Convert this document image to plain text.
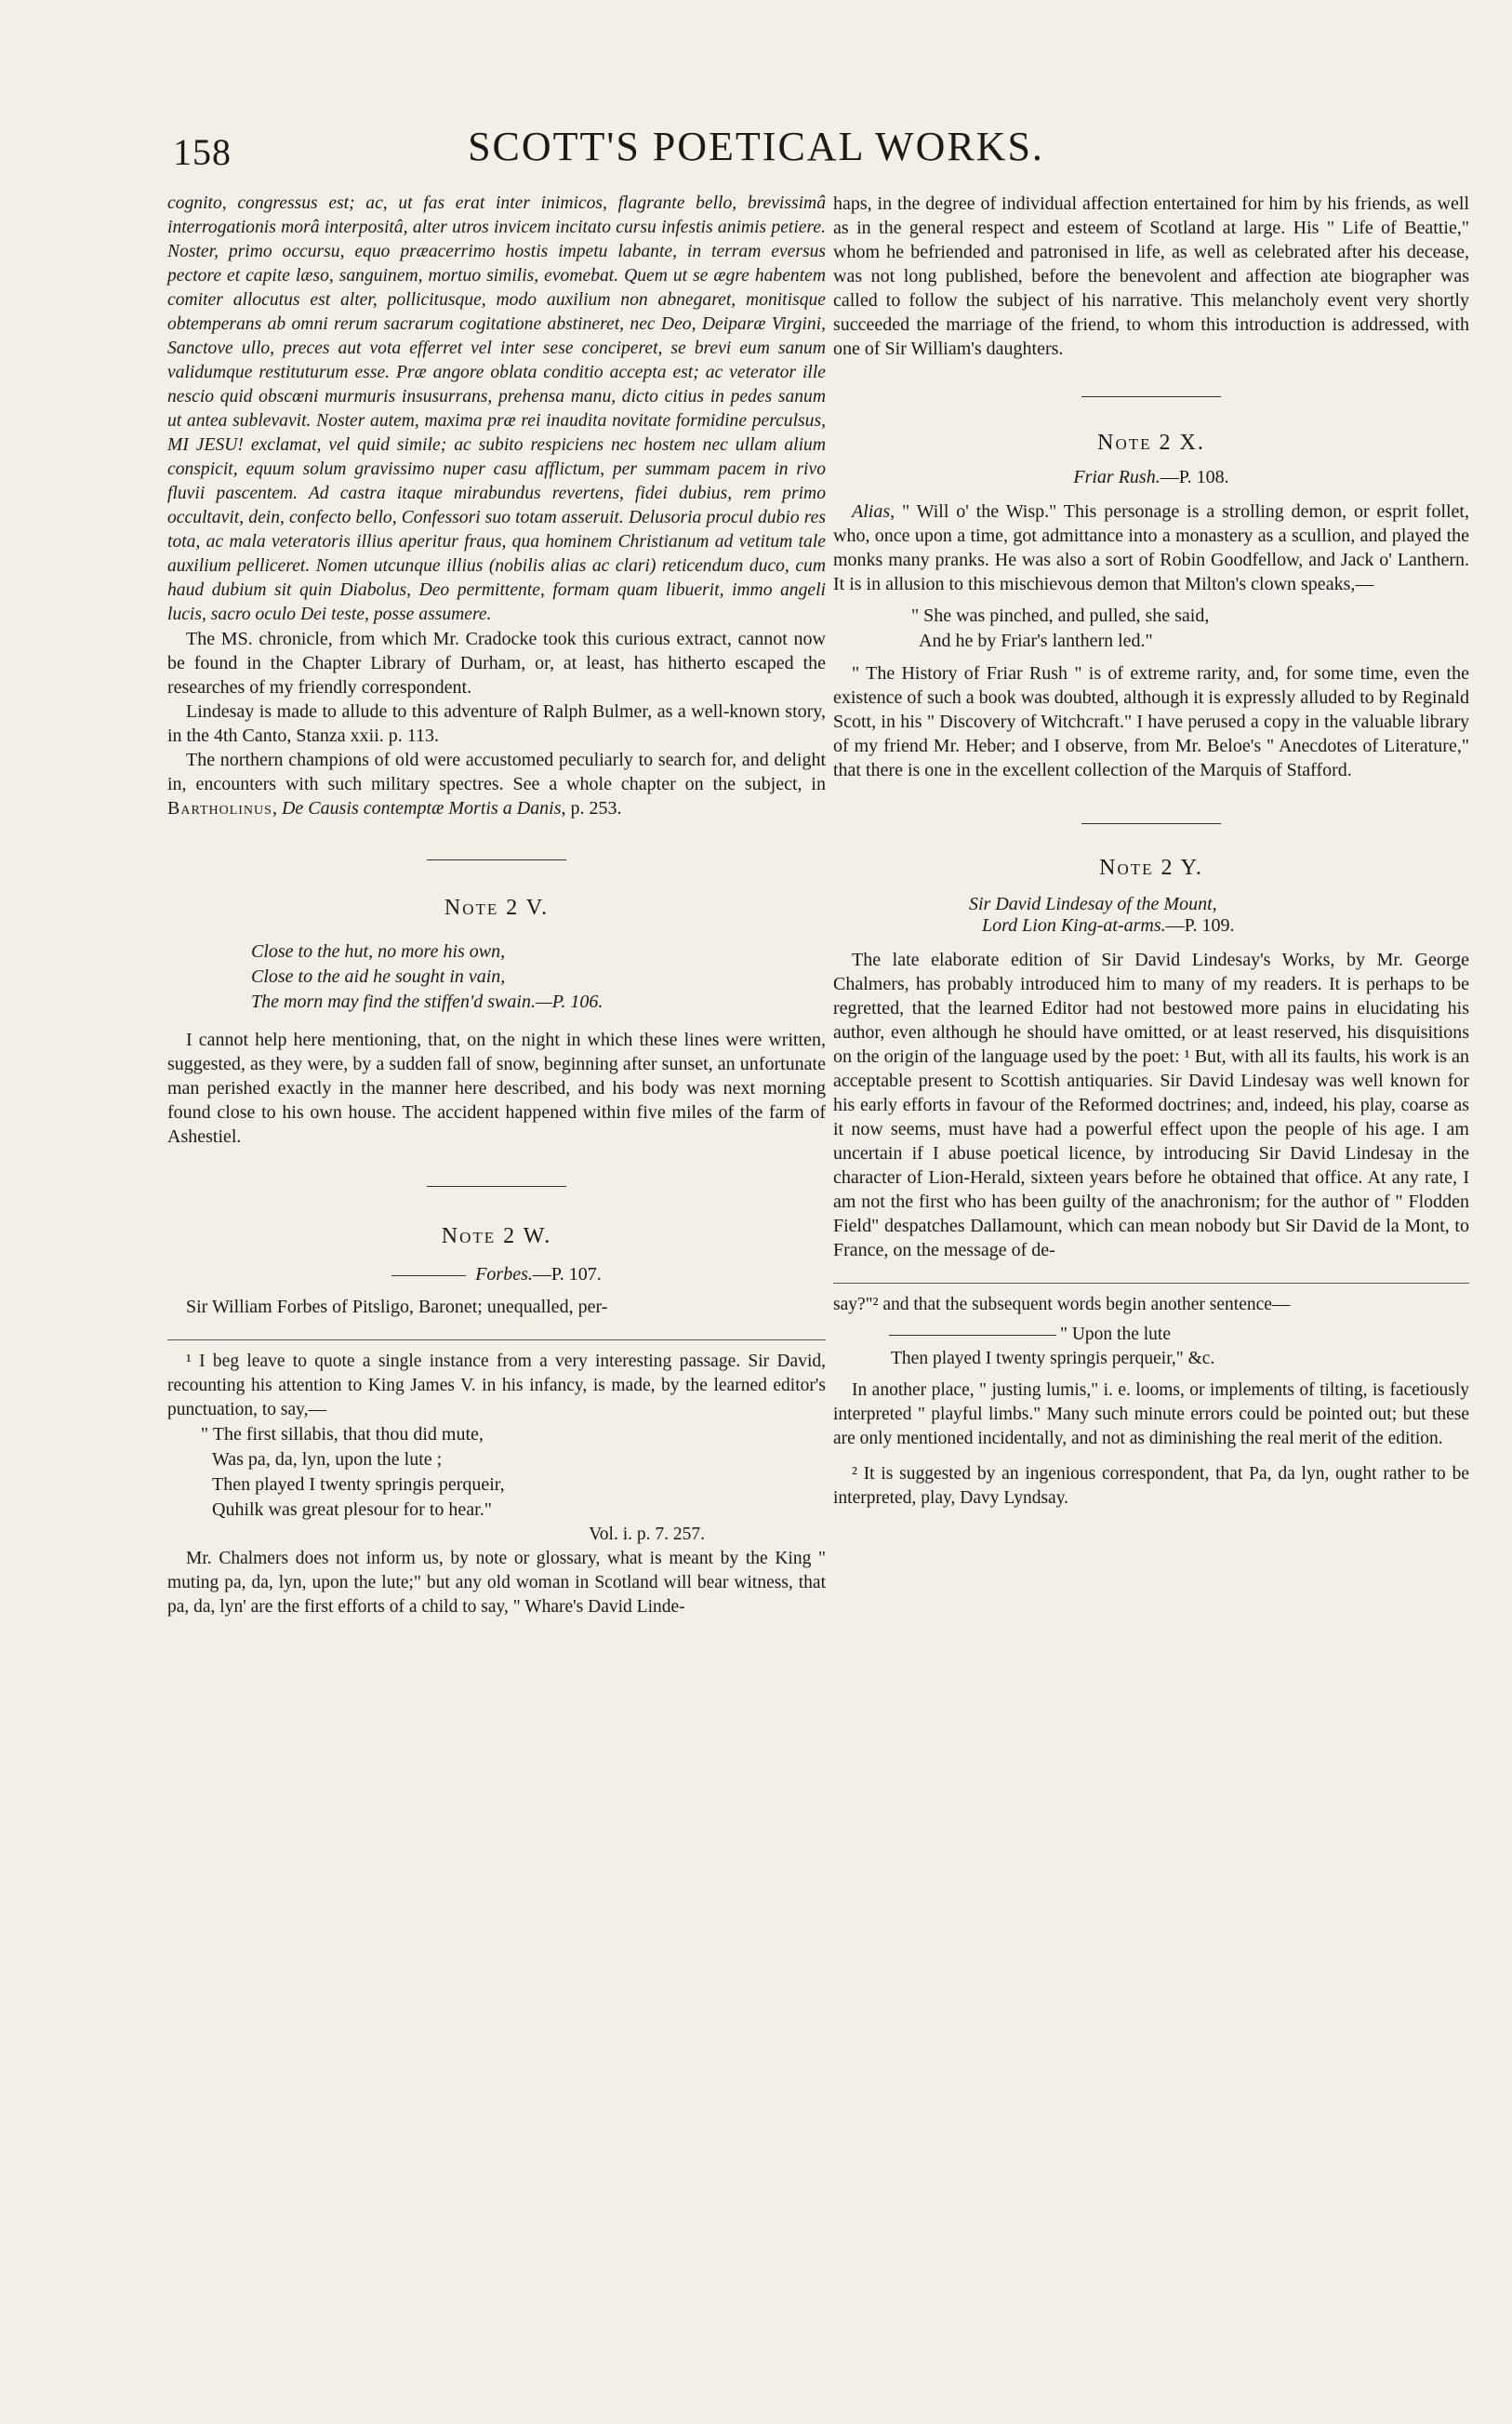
158	SCOTT'S POETICAL WORKS.

cognito, congressus est; ac, ut fas erat inter inimicos, flagrante bello, brevissimâ interrogationis morâ interpositâ, alter utros invicem incitato cursu infestis animis petiere. Noster, primo occursu, equo præacerrimo hostis impetu labante, in terram eversus pectore et capite læso, sanguinem, mortuo similis, evomebat. Quem ut se ægre habentem comiter allocutus est alter, pollicitusque, modo auxilium non abnegaret, monitisque obtemperans ab omni rerum sacrarum cogitatione abstineret, nec Deo, Deiparæ Virgini, Sanctove ullo, preces aut vota efferret vel inter sese conciperet, se brevi eum sanum validumque restituturum esse. Præ angore oblata conditio accepta est; ac veterator ille nescio quid obscœni murmuris insusurrans, prehensa manu, dicto citius in pedes sanum ut antea sublevavit. Noster autem, maxima præ rei inaudita novitate formidine perculsus, MI JESU! exclamat, vel quid simile; ac subito respiciens nec hostem nec ullam alium conspicit, equum solum gravissimo nuper casu afflictum, per summam pacem in rivo fluvii pascentem. Ad castra itaque mirabundus revertens, fidei dubius, rem primo occultavit, dein, confecto bello, Confessori suo totam asseruit. Delusoria procul dubio res tota, ac mala veteratoris illius aperitur fraus, qua hominem Christianum ad vetitum tale auxilium pelliceret. Nomen utcunque illius (nobilis alias ac clari) reticendum duco, cum haud dubium sit quin Diabolus, Deo permittente, formam quam libuerit, immo angeli lucis, sacro oculo Dei teste, posse assumere.

The MS. chronicle, from which Mr. Cradocke took this curious extract, cannot now be found in the Chapter Library of Durham, or, at least, has hitherto escaped the researches of my friendly correspondent.

Lindesay is made to allude to this adventure of Ralph Bulmer, as a well-known story, in the 4th Canto, Stanza xxii. p. 113.

The northern champions of old were accustomed peculiarly to search for, and delight in, encounters with such military spectres. See a whole chapter on the subject, in Bartholinus, De Causis contemptæ Mortis a Danis, p. 253.

Note 2 V.
Close to the hut, no more his own,
Close to the aid he sought in vain,
The morn may find the stiffen'd swain.—P. 106.

I cannot help here mentioning, that, on the night in which these lines were written, suggested, as they were, by a sudden fall of snow, beginning after sunset, an unfortunate man perished exactly in the manner here described, and his body was next morning found close to his own house. The accident happened within five miles of the farm of Ashestiel.

Note 2 W.
Forbes.—P. 107.

Sir William Forbes of Pitsligo, Baronet; unequalled, per-

¹ I beg leave to quote a single instance from a very interesting passage. Sir David, recounting his attention to King James V. in his infancy, is made, by the learned editor's punctuation, to say,—

" The first sillabis, that thou did mute,
Was pa, da, lyn, upon the lute ;
Then played I twenty springis perqueir,
Quhilk was great plesour for to hear."
Vol. i. p. 7. 257.

Mr. Chalmers does not inform us, by note or glossary, what is meant by the King " muting pa, da, lyn, upon the lute;" but any old woman in Scotland will bear witness, that pa, da, lyn' are the first efforts of a child to say, " Whare's David Linde-

haps, in the degree of individual affection entertained for him by his friends, as well as in the general respect and esteem of Scotland at large. His " Life of Beattie," whom he befriended and patronised in life, as well as celebrated after his decease, was not long published, before the benevolent and affection ate biographer was called to follow the subject of his narrative. This melancholy event very shortly succeeded the marriage of the friend, to whom this introduction is addressed, with one of Sir William's daughters.

Note 2 X.
Friar Rush.—P. 108.

Alias, " Will o' the Wisp." This personage is a strolling demon, or esprit follet, who, once upon a time, got admittance into a monastery as a scullion, and played the monks many pranks. He was also a sort of Robin Goodfellow, and Jack o' Lanthern. It is in allusion to this mischievous demon that Milton's clown speaks,—

" She was pinched, and pulled, she said,
And he by Friar's lanthern led."

" The History of Friar Rush " is of extreme rarity, and, for some time, even the existence of such a book was doubted, although it is expressly alluded to by Reginald Scott, in his " Discovery of Witchcraft." I have perused a copy in the valuable library of my friend Mr. Heber; and I observe, from Mr. Beloe's " Anecdotes of Literature," that there is one in the excellent collection of the Marquis of Stafford.

Note 2 Y.
Sir David Lindesay of the Mount,
Lord Lion King-at-arms.—P. 109.

The late elaborate edition of Sir David Lindesay's Works, by Mr. George Chalmers, has probably introduced him to many of my readers. It is perhaps to be regretted, that the learned Editor had not bestowed more pains in elucidating his author, even although he should have omitted, or at least reserved, his disquisitions on the origin of the language used by the poet: ¹ But, with all its faults, his work is an acceptable present to Scottish antiquaries. Sir David Lindesay was well known for his early efforts in favour of the Reformed doctrines; and, indeed, his play, coarse as it now seems, must have had a powerful effect upon the people of his age. I am uncertain if I abuse poetical licence, by introducing Sir David Lindesay in the character of Lion-Herald, sixteen years before he obtained that office. At any rate, I am not the first who has been guilty of the anachronism; for the author of " Flodden Field" despatches Dallamount, which can mean nobody but Sir David de la Mont, to France, on the message of de-

say?"² and that the subsequent words begin another sentence—

" Upon the lute
Then played I twenty springis perqueir," &c.

In another place, " justing lumis," i. e. looms, or implements of tilting, is facetiously interpreted " playful limbs." Many such minute errors could be pointed out; but these are only mentioned incidentally, and not as diminishing the real merit of the edition.

² It is suggested by an ingenious correspondent, that Pa, da lyn, ought rather to be interpreted, play, Davy Lyndsay.
